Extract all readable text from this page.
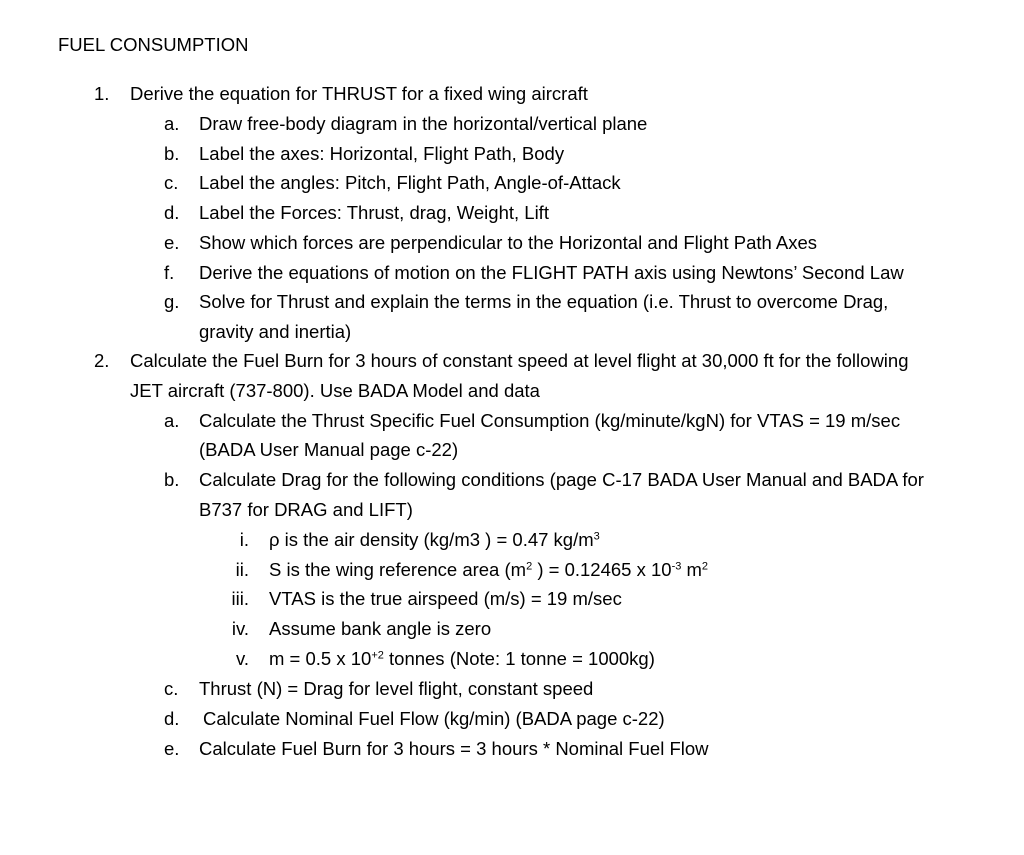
FUEL CONSUMPTION
1. Derive the equation for THRUST for a fixed wing aircraft
a. Draw free-body diagram in the horizontal/vertical plane
b. Label the axes: Horizontal, Flight Path, Body
c. Label the angles: Pitch, Flight Path, Angle-of-Attack
d. Label the Forces: Thrust, drag, Weight, Lift
e. Show which forces are perpendicular to the Horizontal and Flight Path Axes
f. Derive the equations of motion on the FLIGHT PATH axis using Newtons’ Second Law
g. Solve for Thrust and explain the terms in the equation (i.e. Thrust to overcome Drag,
gravity and inertia)
2. Calculate the Fuel Burn for 3 hours of constant speed at level flight at 30,000 ft for the following
JET aircraft (737-800). Use BADA Model and data
a. Calculate the Thrust Specific Fuel Consumption (kg/minute/kgN) for VTAS = 19 m/sec
(BADA User Manual page c-22)
b. Calculate Drag for the following conditions (page C-17 BADA User Manual and BADA for
B737 for DRAG and LIFT)
i. ρ is the air density (kg/m3 ) = 0.47 $kg/m^3$
ii. S is the wing reference area ($m^2$ ) = 0.12465 x $10^{-3}$ $m^2$
iii. VTAS is the true airspeed (m/s) = 19 m/sec
iv. Assume bank angle is zero
v. m = 0.5 x $10^{+2}$ tonnes (Note: 1 tonne = 1000kg)
c. Thrust (N) = Drag for level flight, constant speed
d. Calculate Nominal Fuel Flow (kg/min) (BADA page c-22)
e. Calculate Fuel Burn for 3 hours = 3 hours * Nominal Fuel Flow
